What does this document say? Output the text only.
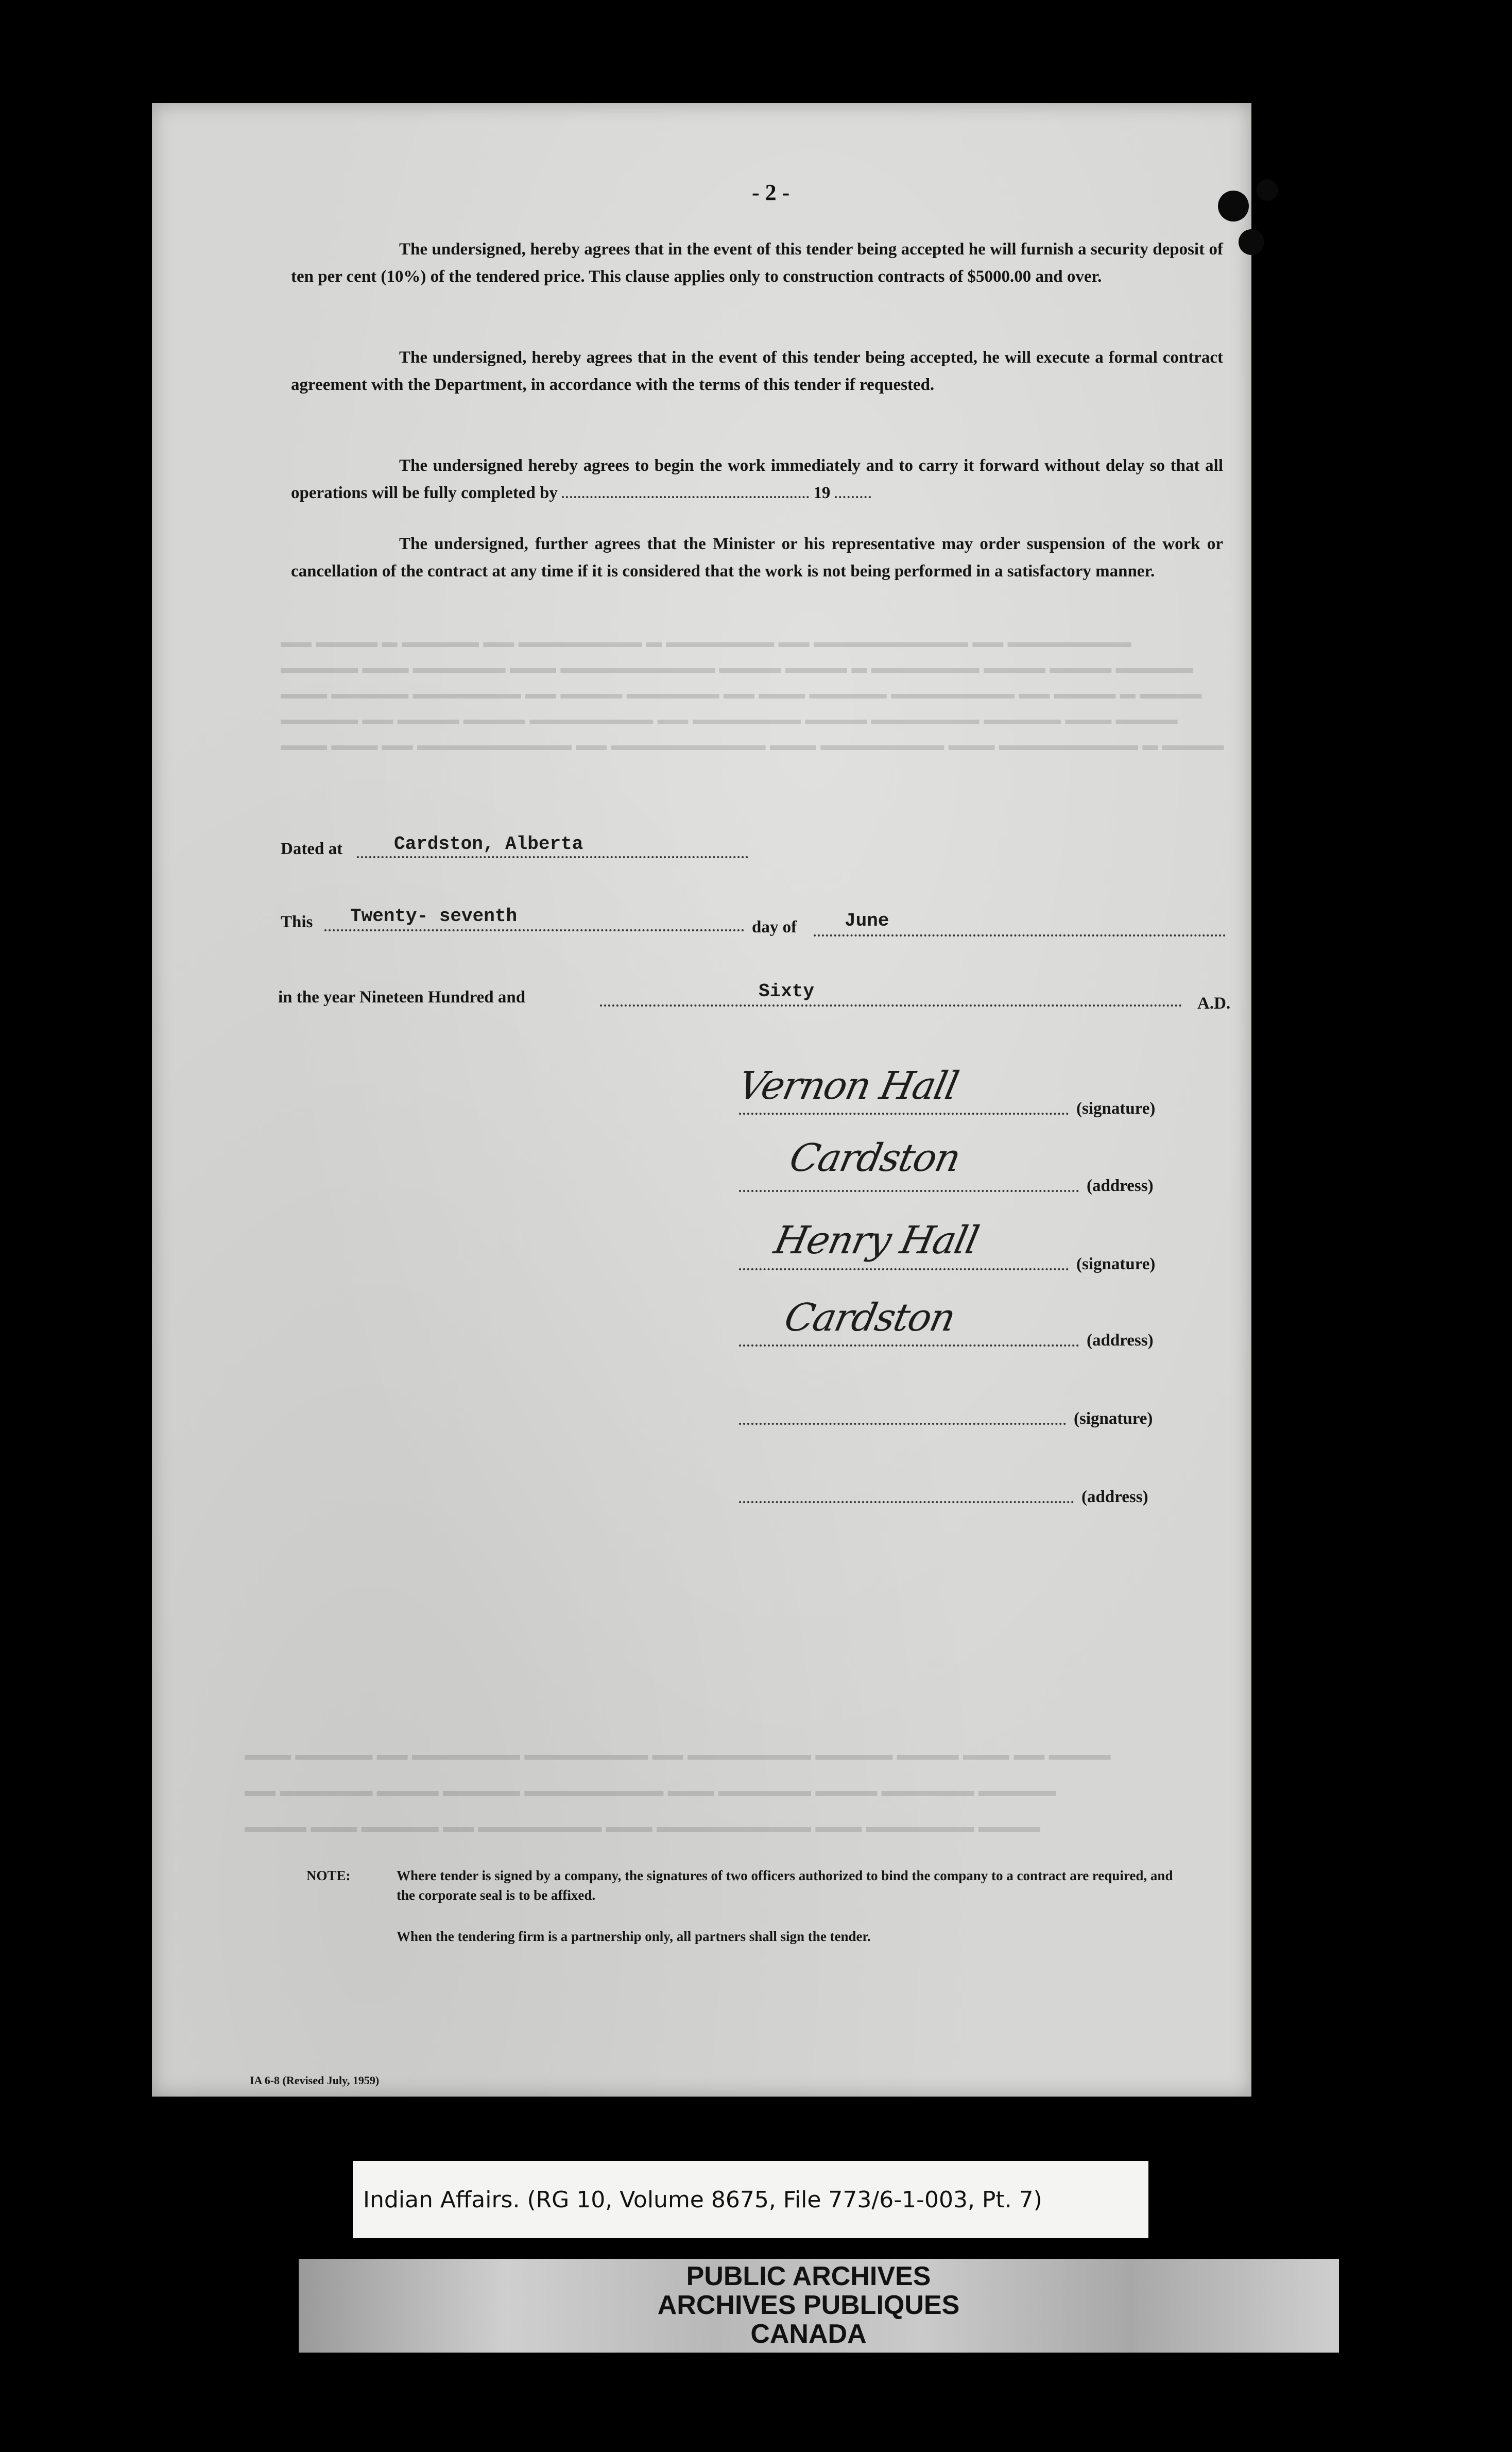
- 2 -
The undersigned, hereby agrees that in the event of this tender being accepted he will furnish a security deposit of ten per cent (10%) of the tendered price. This clause applies only to construction contracts of $5000.00 and over.
The undersigned, hereby agrees that in the event of this tender being accepted, he will execute a formal contract agreement with the Department, in accordance with the terms of this tender if requested.
The undersigned hereby agrees to begin the work immediately and to carry it forward without delay so that all operations will be fully completed by	19
The undersigned, further agrees that the Minister or his representative may order suspension of the work or cancellation of the contract at any time if it is considered that the work is not being performed in a satisfactory manner.
▬▬ ▬▬▬▬ ▬ ▬▬▬▬▬ ▬▬ ▬▬▬▬▬▬▬▬ ▬ ▬▬▬▬▬▬▬ ▬▬ ▬▬▬▬▬▬▬▬▬▬ ▬▬ ▬▬▬▬▬▬▬▬
▬▬▬▬▬ ▬▬▬ ▬▬▬▬▬▬ ▬▬▬ ▬▬▬▬▬▬▬▬▬▬ ▬▬▬▬ ▬▬▬▬ ▬ ▬▬▬▬▬▬▬ ▬▬▬▬ ▬▬▬▬ ▬▬▬▬▬
▬▬▬ ▬▬▬▬▬ ▬▬▬▬▬▬▬ ▬▬ ▬▬▬▬ ▬▬▬▬▬▬ ▬▬ ▬▬▬ ▬▬▬▬▬ ▬▬▬▬▬▬▬▬ ▬▬ ▬▬▬▬ ▬ ▬▬▬▬
▬▬▬▬▬ ▬▬ ▬▬▬▬ ▬▬▬▬ ▬▬▬▬▬▬▬▬ ▬▬ ▬▬▬▬▬▬▬ ▬▬▬▬ ▬▬▬▬▬▬▬ ▬▬▬▬▬ ▬▬▬ ▬▬▬▬
▬▬▬ ▬▬▬ ▬▬ ▬▬▬▬▬▬▬▬▬▬ ▬▬ ▬▬▬▬▬▬▬▬▬▬ ▬▬▬ ▬▬▬▬▬▬▬▬ ▬▬▬ ▬▬▬▬▬▬▬▬▬ ▬ ▬▬▬▬
Dated at	Cardston, Alberta
This Twenty- seventh
day of	June
in the year Nineteen Hundred and	Sixty
A.D.
Vernon Hall
(signature)
Cardston
(address)
Henry Hall
(signature)
Cardston
(address)
(signature)
(address)
▬▬▬ ▬▬▬▬▬ ▬▬ ▬▬▬▬▬▬▬ ▬▬▬▬▬▬▬▬ ▬▬ ▬▬▬▬▬▬▬▬ ▬▬▬▬▬ ▬▬▬▬ ▬▬▬ ▬▬ ▬▬▬▬
▬▬ ▬▬▬▬▬▬ ▬▬▬▬ ▬▬▬▬▬ ▬▬▬▬▬▬▬▬▬ ▬▬▬ ▬▬▬▬▬▬ ▬▬▬▬ ▬▬▬▬▬▬ ▬▬▬▬▬
▬▬▬▬ ▬▬▬ ▬▬▬▬▬ ▬▬ ▬▬▬▬▬▬▬▬ ▬▬▬ ▬▬▬▬▬▬▬▬▬▬ ▬▬▬ ▬▬▬▬▬▬▬ ▬▬▬▬
NOTE:	Where tender is signed by a company, the signatures of two officers authorized to bind the company to a contract are required, and the corporate seal is to be affixed.
When the tendering firm is a partnership only, all partners shall sign the tender.
IA 6-8 (Revised July, 1959)
Indian Affairs. (RG 10, Volume 8675, File 773/6-1-003, Pt. 7)
PUBLIC ARCHIVES
ARCHIVES PUBLIQUES
CANADA
